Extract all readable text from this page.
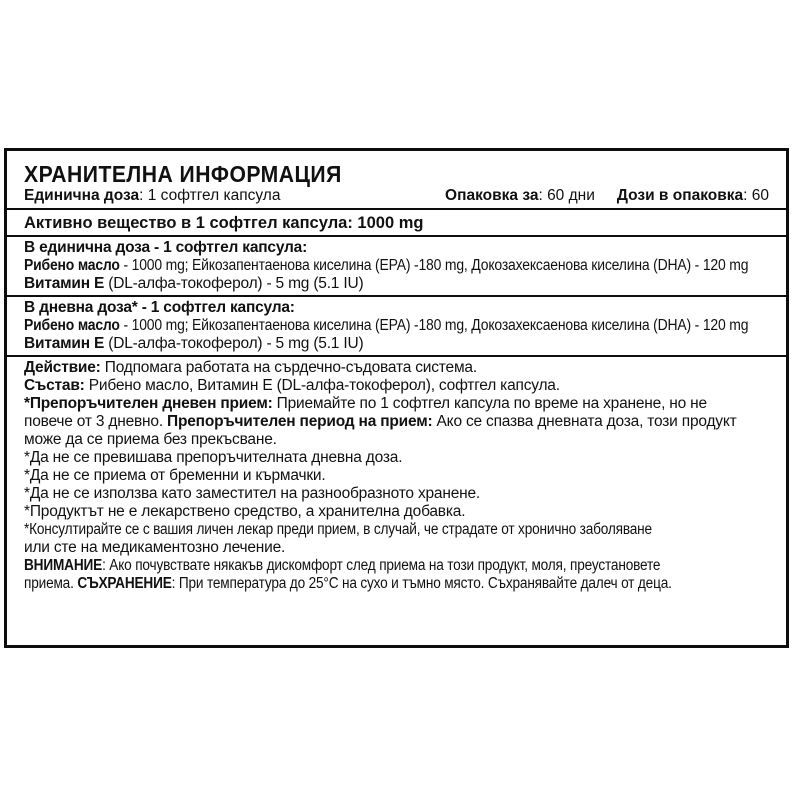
ХРАНИТЕЛНА ИНФОРМАЦИЯ
Единична доза: 1 софтгел капсула	Опаковка за: 60 дни Дози в опаковка: 60
Активно вещество в 1 софтгел капсула: 1000 mg
В единична доза - 1 софтгел капсула:
Рибено масло - 1000 mg; Ейкозапентаенова киселина (EPA) -180 mg, Докозахексаенова киселина (DHA) - 120 mg
Витамин Е (DL-алфа-токоферол) - 5 mg (5.1 IU)
В дневна доза* - 1 софтгел капсула:
Рибено масло - 1000 mg; Ейкозапентаенова киселина (EPA) -180 mg, Докозахексаенова киселина (DHA) - 120 mg
Витамин Е (DL-алфа-токоферол) - 5 mg (5.1 IU)
Действие: Подпомага работата на сърдечно-съдовата система.
Състав: Рибено масло, Витамин Е (DL-алфа-токоферол), софтгел капсула.
*Препоръчителен дневен прием: Приемайте по 1 софтгел капсула по време на хранене, но не
повече от 3 дневно. Препоръчителен период на прием: Ако се спазва дневната доза, този продукт
може да се приема без прекъсване.
*Да не се превишава препоръчителната дневна доза.
*Да не се приема от бременни и кърмачки.
*Да не се използва като заместител на разнообразното хранене.
*Продуктът не е лекарствено средство, а хранителна добавка.
*Консултирайте се с вашия личен лекар преди прием, в случай, че страдате от хронично заболяване
или сте на медикаментозно лечение.
ВНИМАНИЕ: Ако почувствате някакъв дискомфорт след приема на този продукт, моля, преустановете
приема. СЪХРАНЕНИЕ: При температура до 25°С на сухо и тъмно място. Съхранявайте далеч от деца.
